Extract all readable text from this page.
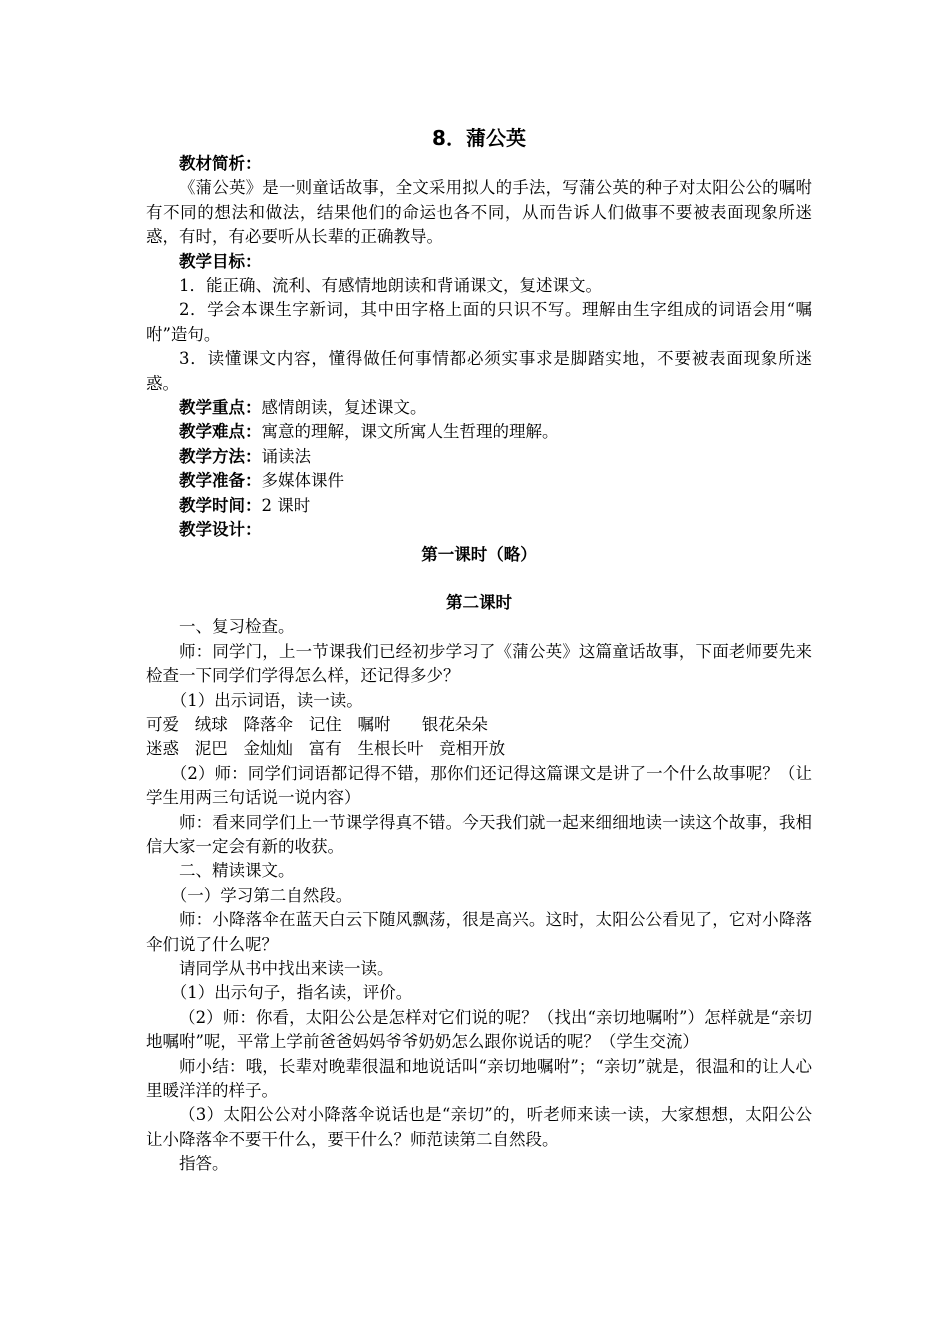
8．蒲公英

教材简析：

《蒲公英》是一则童话故事，全文采用拟人的手法，写蒲公英的种子对太阳公公的嘱咐有不同的想法和做法，结果他们的命运也各不同，从而告诉人们做事不要被表面现象所迷惑，有时，有必要听从长辈的正确教导。

教学目标：

1．能正确、流利、有感情地朗读和背诵课文，复述课文。

2．学会本课生字新词，其中田字格上面的只识不写。理解由生字组成的词语会用“嘱咐”造句。

3．读懂课文内容，懂得做任何事情都必须实事求是脚踏实地，不要被表面现象所迷惑。

教学重点：感情朗读，复述课文。

教学难点：寓意的理解，课文所寓人生哲理的理解。

教学方法：诵读法

教学准备：多媒体课件

教学时间：2 课时

教学设计：

第一课时（略）

第二课时

一、复习检查。

师：同学门，上一节课我们已经初步学习了《蒲公英》这篇童话故事，下面老师要先来检查一下同学们学得怎么样，还记得多少？

（1）出示词语，读一读。

可爱   绒球   降落伞   记住   嘱咐      银花朵朵

迷惑   泥巴   金灿灿   富有   生根长叶   竞相开放

（2）师：同学们词语都记得不错，那你们还记得这篇课文是讲了一个什么故事呢？（让学生用两三句话说一说内容）

师：看来同学们上一节课学得真不错。今天我们就一起来细细地读一读这个故事，我相信大家一定会有新的收获。

二、精读课文。

（一）学习第二自然段。

师：小降落伞在蓝天白云下随风飘荡，很是高兴。这时，太阳公公看见了，它对小降落伞们说了什么呢？

请同学从书中找出来读一读。

（1）出示句子，指名读，评价。

（2）师：你看，太阳公公是怎样对它们说的呢？（找出“亲切地嘱咐”）怎样就是“亲切地嘱咐”呢，平常上学前爸爸妈妈爷爷奶奶怎么跟你说话的呢？（学生交流）

师小结：哦，长辈对晚辈很温和地说话叫“亲切地嘱咐”；“亲切”就是，很温和的让人心里暖洋洋的样子。

（3）太阳公公对小降落伞说话也是“亲切”的，听老师来读一读，大家想想，太阳公公让小降落伞不要干什么，要干什么？师范读第二自然段。

指答。
